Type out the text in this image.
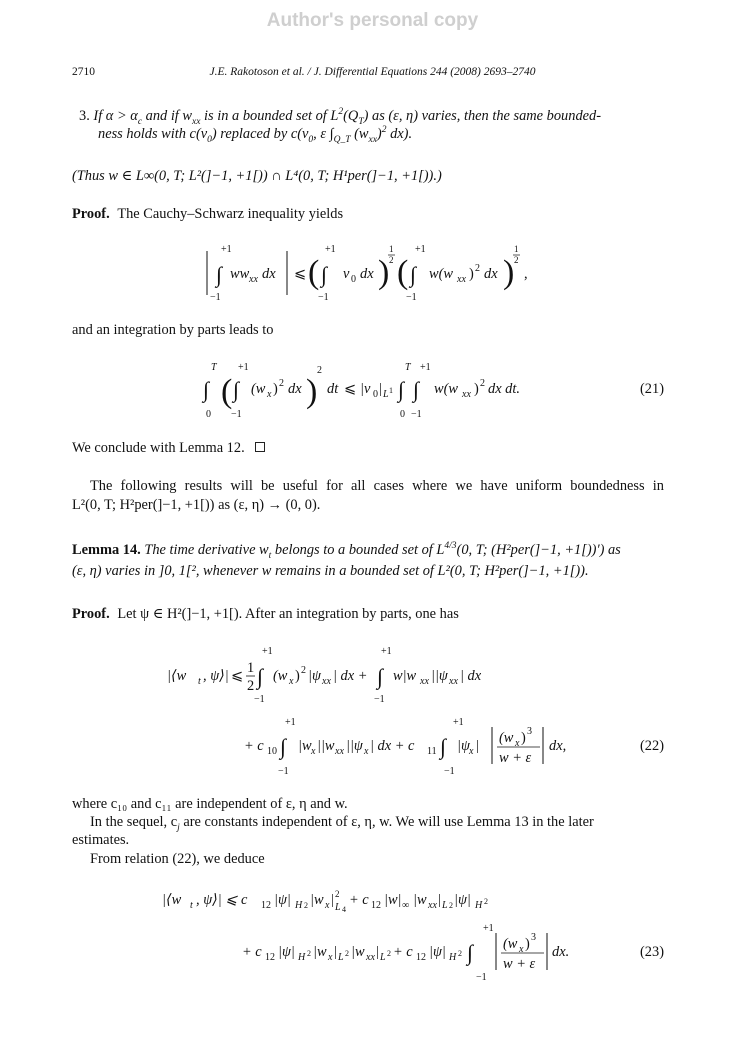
Author's personal copy
2710	J.E. Rakotoson et al. / J. Differential Equations 244 (2008) 2693–2740
3. If $\alpha > \alpha_c$ and if $w_{xx}$ is in a bounded set of $L^2(Q_T)$ as (ε, η) varies, then the same bounded-
ness holds with $c(v_0)$ replaced by $c(v_0$, ε $\int_{Q\_T}$ $(w_{xx})^2$ dx).
(Thus w ∈ L∞(0, T; L²(]−1, +1[)) ∩ L⁴(0, T; H¹per(]−1, +1[)).)
Proof. The Cauchy–Schwarz inequality yields
∫
+1
−1
ww xx dx ⩽ ( ∫
+1
−1
v 0 dx )
1
2 ( ∫
+1
−1
w(w xx ) 2 dx )
1
2
,
and an integration by parts leads to
∫
T
0
( ∫
+1
−1
(w x ) 2 dx )
2
dt ⩽ |v 0 | L 1 ∫
T
0
∫
+1
−1
w(w xx ) 2 dx dt.	(21)
We conclude with Lemma 12.
The following results will be useful for all cases where we have uniform boundedness in
L²(0, T; H²per(]−1, +1[)) as (ε, η) → (0, 0).
Lemma 14. The time derivative $w_t$ belongs to a bounded set of $L^{4/3}(0$, T; (H²per(]−1, +1[))′) as
(ε, η) varies in ]0, 1[², whenever w remains in a bounded set of L²(0, T; H²per(]−1, +1[)).
Proof. Let ψ ∈ H²(]−1, +1[). After an integration by parts, one has
|⟨w t , ψ⟩| ⩽ 1
2 ∫
+1
−1
(w x ) 2 |ψ xx | dx + ∫
+1
−1
w|w xx ||ψ xx | dx
+ c 10 ∫
+1
−1
|w x ||w xx ||ψ x | dx + c 11 ∫
+1
−1
|ψ x | (w x ) 3
w + ε
dx,	(22)
where c₁₀ and c₁₁ are independent of ε, η and w.
In the sequel, $c_j$ are constants independent of ε, η, w. We will use Lemma 13 in the later
estimates.
From relation (22), we deduce
|⟨w t , ψ⟩| ⩽ c 12 |ψ| H 2 |w x | 2
L 4
+ c 12 |w| ∞ |w xx | L 2 |ψ| H 2
+ c 12 |ψ| H 2 |w x | L 2 |w xx | L 2 + c 12 |ψ| H 2 ∫
+1
−1
(w x ) 3
w + ε
dx.	(23)
